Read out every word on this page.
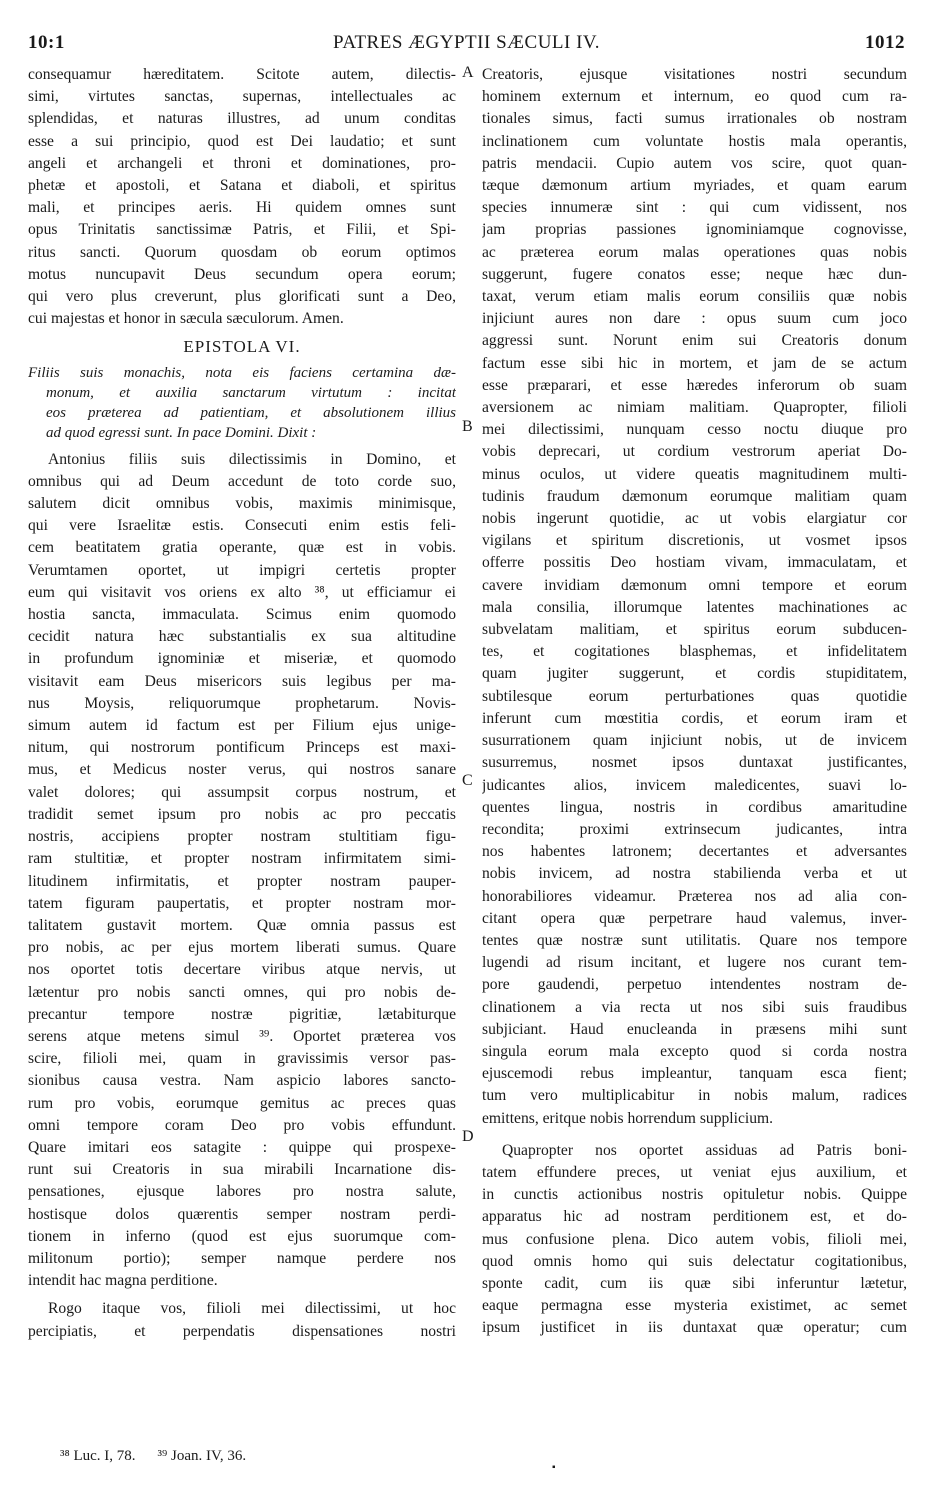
10:1	PATRES ÆGYPTII SÆCULI IV.	1012
consequamur hæreditatem. Scitote autem, dilectis-
simi, virtutes sanctas, supernas, intellectuales ac
splendidas, et naturas illustres, ad unum conditas
esse a sui principio, quod est Dei laudatio; et sunt
angeli et archangeli et throni et dominationes, pro-
phetæ et apostoli, et Satana et diaboli, et spiritus
mali, et principes aeris. Hi quidem omnes sunt
opus Trinitatis sanctissimæ Patris, et Filii, et Spi-
ritus sancti. Quorum quosdam ob eorum optimos
motus nuncupavit Deus secundum opera eorum;
qui vero plus creverunt, plus glorificati sunt a Deo,
cui majestas et honor in sæcula sæculorum. Amen.
EPISTOLA VI.
Filiis suis monachis, nota eis faciens certamina dæ-
monum, et auxilia sanctarum virtutum : incitat
eos præterea ad patientiam, et absolutionem illius
ad quod egressi sunt. In pace Domini. Dixit :
Antonius filiis suis dilectissimis in Domino, et
omnibus qui ad Deum accedunt de toto corde suo,
salutem dicit omnibus vobis, maximis minimisque,
qui vere Israelitæ estis. Consecuti enim estis feli-
cem beatitatem gratia operante, quæ est in vobis.
Verumtamen oportet, ut impigri certetis propter
eum qui visitavit vos oriens ex alto ³⁸, ut efficiamur ei
hostia sancta, immaculata. Scimus enim quomodo
cecidit natura hæc substantialis ex sua altitudine
in profundum ignominiæ et miseriæ, et quomodo
visitavit eam Deus misericors suis legibus per ma-
nus Moysis, reliquorumque prophetarum. Novis-
simum autem id factum est per Filium ejus unige-
nitum, qui nostrorum pontificum Princeps est maxi-
mus, et Medicus noster verus, qui nostros sanare
valet dolores; qui assumpsit corpus nostrum, et
tradidit semet ipsum pro nobis ac pro peccatis
nostris, accipiens propter nostram stultitiam figu-
ram stultitiæ, et propter nostram infirmitatem simi-
litudinem infirmitatis, et propter nostram pauper-
tatem figuram paupertatis, et propter nostram mor-
talitatem gustavit mortem. Quæ omnia passus est
pro nobis, ac per ejus mortem liberati sumus. Quare
nos oportet totis decertare viribus atque nervis, ut
lætentur pro nobis sancti omnes, qui pro nobis de-
precantur tempore nostræ pigritiæ, lætabiturque
serens atque metens simul ³⁹. Oportet præterea vos
scire, filioli mei, quam in gravissimis versor pas-
sionibus causa vestra. Nam aspicio labores sancto-
rum pro vobis, eorumque gemitus ac preces quas
omni tempore coram Deo pro vobis effundunt.
Quare imitari eos satagite : quippe qui prospexe-
runt sui Creatoris in sua mirabili Incarnatione dis-
pensationes, ejusque labores pro nostra salute,
hostisque dolos quærentis semper nostram perdi-
tionem in inferno (quod est ejus suorumque com-
militonum portio); semper namque perdere nos
intendit hac magna perditione.
Rogo itaque vos, filioli mei dilectissimi, ut hoc
percipiatis, et perpendatis dispensationes nostri
Creatoris, ejusque visitationes nostri secundum
hominem externum et internum, eo quod cum ra-
tionales simus, facti sumus irrationales ob nostram
inclinationem cum voluntate hostis mala operantis,
patris mendacii. Cupio autem vos scire, quot quan-
tæque dæmonum artium myriades, et quam earum
species innumeræ sint : qui cum vidissent, nos
jam proprias passiones ignominiamque cognovisse,
ac præterea eorum malas operationes quas nobis
suggerunt, fugere conatos esse; neque hæc dun-
taxat, verum etiam malis eorum consiliis quæ nobis
injiciunt aures non dare : opus suum cum joco
aggressi sunt. Norunt enim sui Creatoris donum
factum esse sibi hic in mortem, et jam de se actum
esse præparari, et esse hæredes inferorum ob suam
aversionem ac nimiam malitiam. Quapropter, filioli
mei dilectissimi, nunquam cesso noctu diuque pro
vobis deprecari, ut cordium vestrorum aperiat Do-
minus oculos, ut videre queatis magnitudinem multi-
tudinis fraudum dæmonum eorumque malitiam quam
nobis ingerunt quotidie, ac ut vobis elargiatur cor
vigilans et spiritum discretionis, ut vosmet ipsos
offerre possitis Deo hostiam vivam, immaculatam, et
cavere invidiam dæmonum omni tempore et eorum
mala consilia, illorumque latentes machinationes ac
subvelatam malitiam, et spiritus eorum subducen-
tes, et cogitationes blasphemas, et infidelitatem
quam jugiter suggerunt, et cordis stupiditatem,
subtilesque eorum perturbationes quas quotidie
inferunt cum mœstitia cordis, et eorum iram et
susurrationem quam injiciunt nobis, ut de invicem
susurremus, nosmet ipsos duntaxat justificantes,
judicantes alios, invicem maledicentes, suavi lo-
quentes lingua, nostris in cordibus amaritudine
recondita; proximi extrinsecum judicantes, intra
nos habentes latronem; decertantes et adversantes
nobis invicem, ad nostra stabilienda verba et ut
honorabiliores videamur. Præterea nos ad alia con-
citant opera quæ perpetrare haud valemus, inver-
tentes quæ nostræ sunt utilitatis. Quare nos tempore
lugendi ad risum incitant, et lugere nos curant tem-
pore gaudendi, perpetuo intendentes nostram de-
clinationem a via recta ut nos sibi suis fraudibus
subjiciant. Haud enucleanda in præsens mihi sunt
singula eorum mala excepto quod si corda nostra
ejuscemodi rebus impleantur, tanquam esca fient;
tum vero multiplicabitur in nobis malum, radices
emittens, eritque nobis horrendum supplicium.
Quapropter nos oportet assiduas ad Patris boni-
tatem effundere preces, ut veniat ejus auxilium, et
in cunctis actionibus nostris opituletur nobis. Quippe
apparatus hic ad nostram perditionem est, et do-
mus confusione plena. Dico autem vobis, filioli mei,
quod omnis homo qui suis delectatur cogitationibus,
sponte cadit, cum iis quæ sibi inferuntur lætetur,
eaque permagna esse mysteria existimet, ac semet
ipsum justificet in iis duntaxat quæ operatur; cum
A
B
C
D
³⁸ Luc. I, 78. ³⁹ Joan. IV, 36.
▪
